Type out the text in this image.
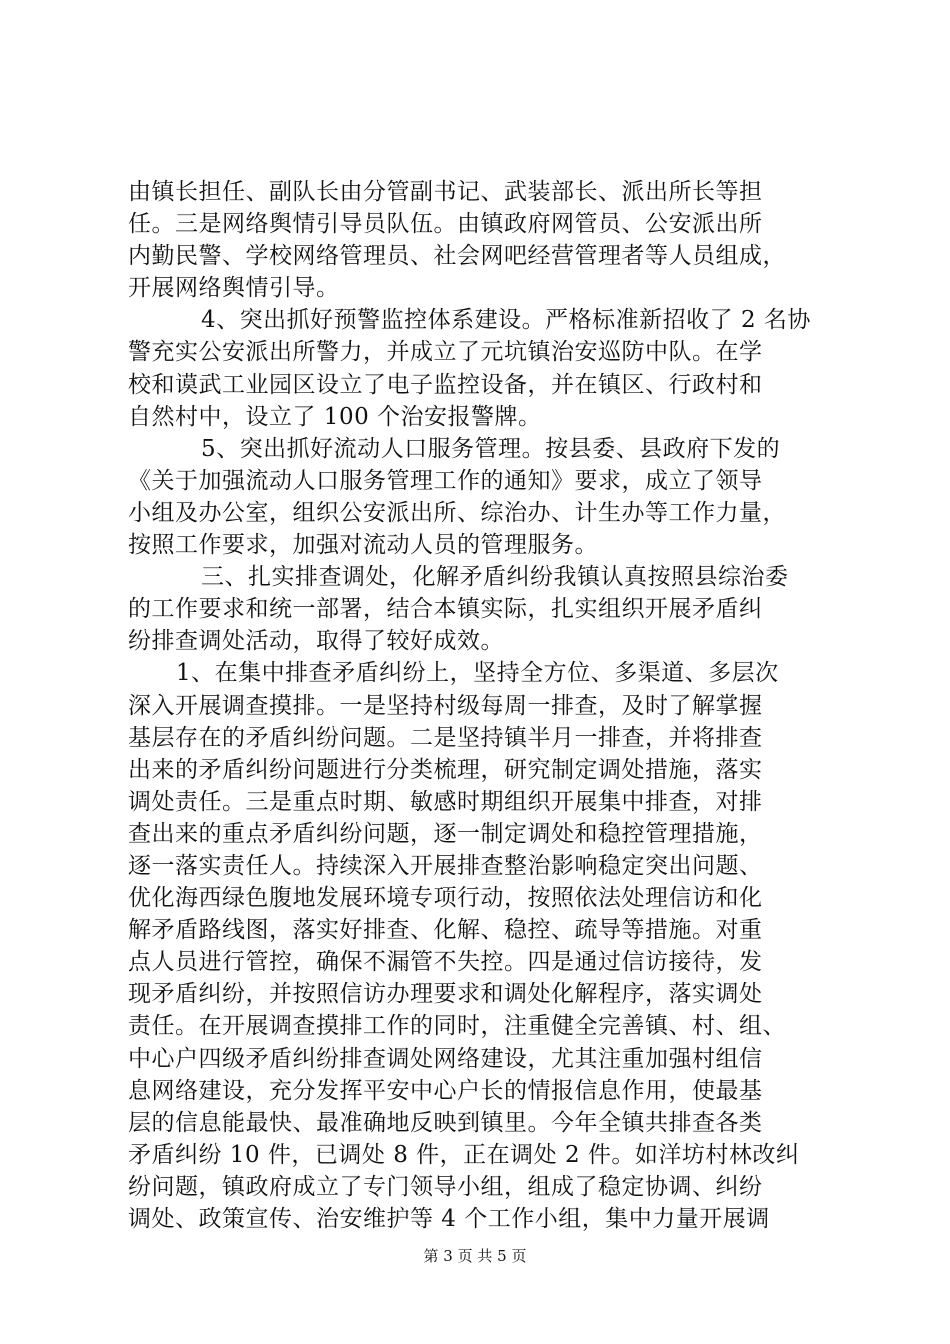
由镇长担任、副队长由分管副书记、武装部长、派出所长等担
任。三是网络舆情引导员队伍。由镇政府网管员、公安派出所
内勤民警、学校网络管理员、社会网吧经营管理者等人员组成，
开展网络舆情引导。
4、突出抓好预警监控体系建设。严格标准新招收了 2 名协
警充实公安派出所警力，并成立了元坑镇治安巡防中队。在学
校和谟武工业园区设立了电子监控设备，并在镇区、行政村和
自然村中，设立了 100 个治安报警牌。
5、突出抓好流动人口服务管理。按县委、县政府下发的
《关于加强流动人口服务管理工作的通知》要求，成立了领导
小组及办公室，组织公安派出所、综治办、计生办等工作力量，
按照工作要求，加强对流动人员的管理服务。
三、扎实排查调处，化解矛盾纠纷我镇认真按照县综治委
的工作要求和统一部署，结合本镇实际，扎实组织开展矛盾纠
纷排查调处活动，取得了较好成效。
1、在集中排查矛盾纠纷上，坚持全方位、多渠道、多层次
深入开展调查摸排。一是坚持村级每周一排查，及时了解掌握
基层存在的矛盾纠纷问题。二是坚持镇半月一排查，并将排查
出来的矛盾纠纷问题进行分类梳理，研究制定调处措施，落实
调处责任。三是重点时期、敏感时期组织开展集中排查，对排
查出来的重点矛盾纠纷问题，逐一制定调处和稳控管理措施，
逐一落实责任人。持续深入开展排查整治影响稳定突出问题、
优化海西绿色腹地发展环境专项行动，按照依法处理信访和化
解矛盾路线图，落实好排查、化解、稳控、疏导等措施。对重
点人员进行管控，确保不漏管不失控。四是通过信访接待，发
现矛盾纠纷，并按照信访办理要求和调处化解程序，落实调处
责任。在开展调查摸排工作的同时，注重健全完善镇、村、组、
中心户四级矛盾纠纷排查调处网络建设，尤其注重加强村组信
息网络建设，充分发挥平安中心户长的情报信息作用，使最基
层的信息能最快、最准确地反映到镇里。今年全镇共排查各类
矛盾纠纷 10 件，已调处 8 件，正在调处 2 件。如洋坊村林改纠
纷问题，镇政府成立了专门领导小组，组成了稳定协调、纠纷
调处、政策宣传、治安维护等 4 个工作小组，集中力量开展调
第 3 页 共 5 页
